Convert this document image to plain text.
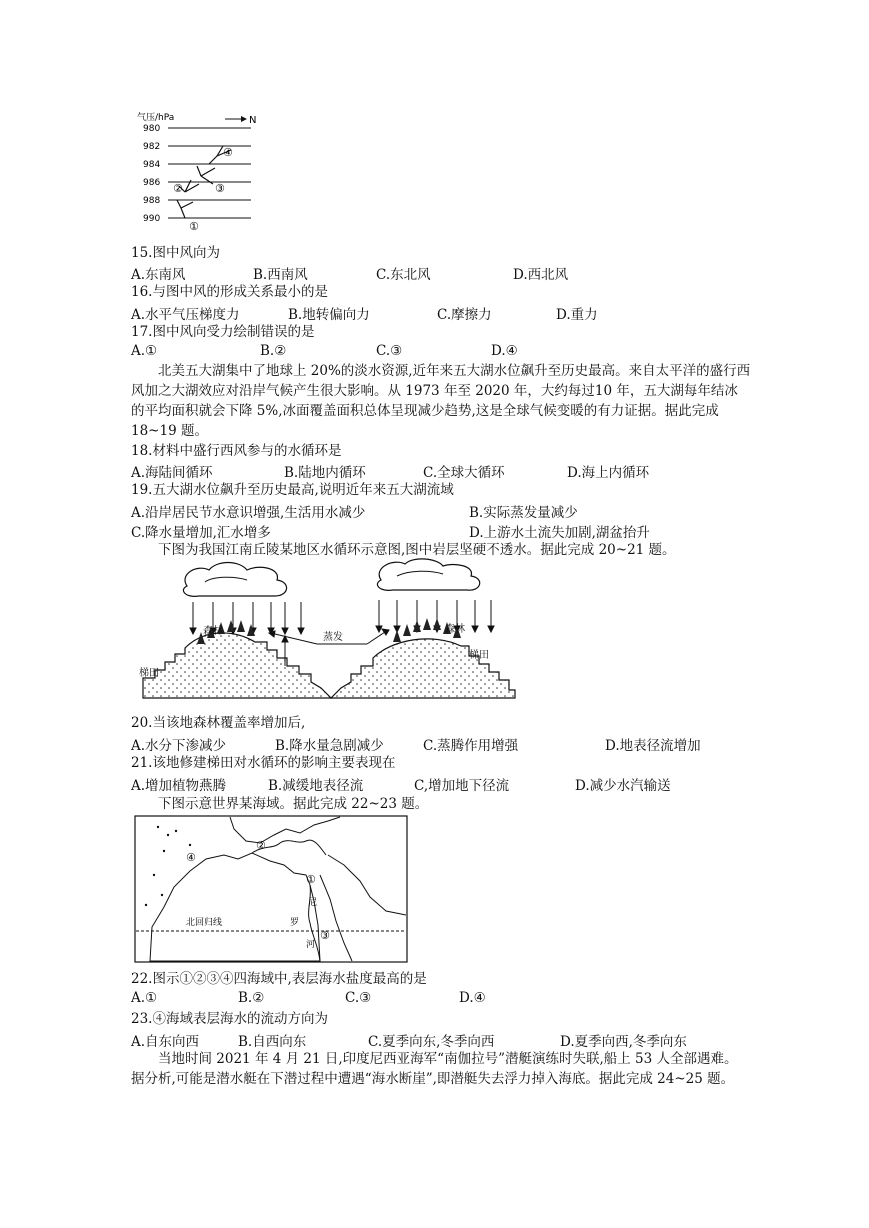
气压/hPa	N
980
982
984
986
988
990
①
②	③
④
15.图中风向为
A.东南风	B.西南风	C.东北风	D.西北风
16.与图中风的形成关系最小的是
A.水平气压梯度力	B.地转偏向力	C.摩擦力	D.重力
17.图中风向受力绘制错误的是
A.①	B.②	C.③	D.④
北美五大湖集中了地球上 20%的淡水资源,近年来五大湖水位飙升至历史最高。来自太平洋的盛行西风加之大湖效应对沿岸气候产生很大影响。从 1973 年至 2020 年，大约每过10 年，五大湖每年结冰的平均面积就会下降 5%,冰面覆盖面积总体呈现减少趋势,这是全球气候变暖的有力证据。据此完成 18~19 题。
18.材料中盛行西风参与的水循环是
A.海陆间循环	B.陆地内循环	C.全球大循环	D.海上内循环
19.五大湖水位飙升至历史最高,说明近年来五大湖流域
A.沿岸居民节水意识增强,生活用水减少	B.实际蒸发量减少
C.降水量增加,汇水增多	D.上游水土流失加剧,湖盆抬升
下图为我国江南丘陵某地区水循环示意图,图中岩层坚硬不透水。据此完成 20~21 题。
森林	森林
梯田
梯田
蒸发
20.当该地森林覆盖率增加后,
A.水分下渗减少	B.降水量急剧减少	C.蒸腾作用增强	D.地表径流增加
21.该地修建梯田对水循环的影响主要表现在
A.增加植物燕腾	B.减缓地表径流	C,增加地下径流	D.减少水汽输送
下图示意世界某海域。据此完成 22~23 题。
北回归线
①
②
③
④
尼
罗
河
22.图示①②③④四海域中,表层海水盐度最高的是
A.①	B.②	C.③	D.④
23.④海域表层海水的流动方向为
A.自东向西	B.自西向东	C.夏季向东,冬季向西	D.夏季向西,冬季向东
当地时间 2021 年 4 月 21 日,印度尼西亚海军“南伽拉号”潜艇演练时失联,船上 53 人全部遇难。据分析,可能是潜水艇在下潜过程中遭遇“海水断崖”,即潜艇失去浮力掉入海底。据此完成 24~25 题。
